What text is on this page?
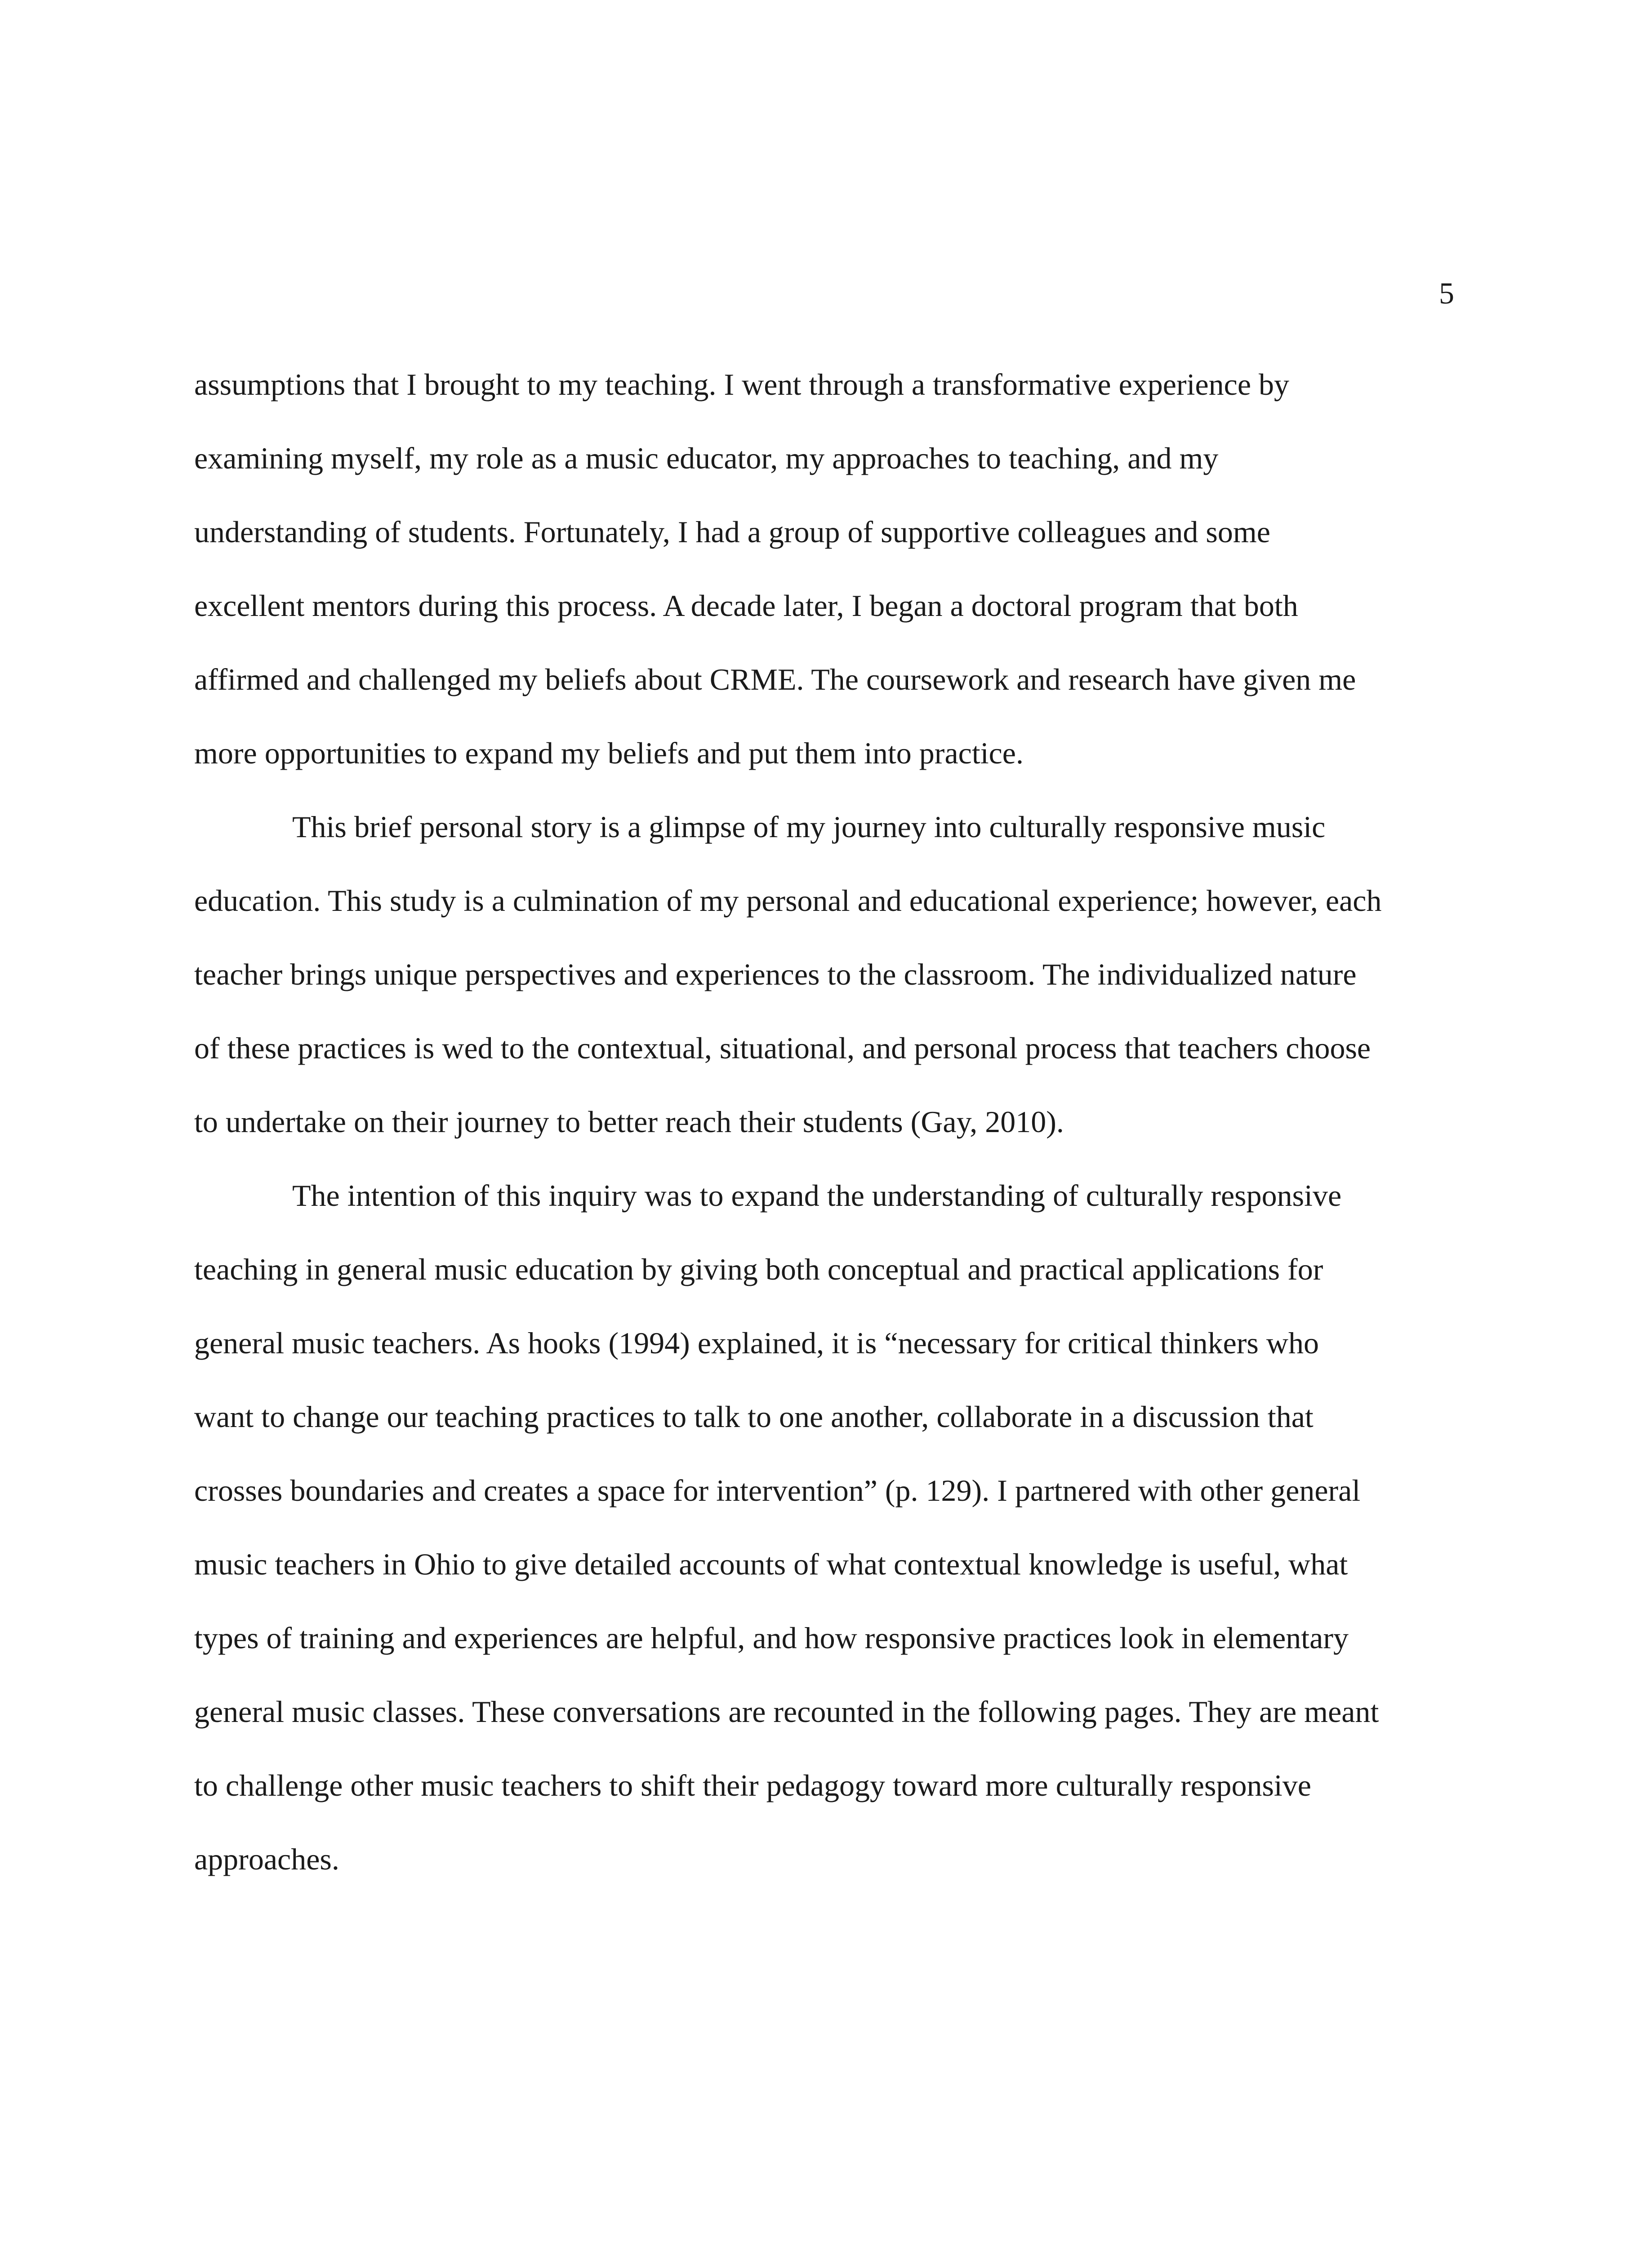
5
assumptions that I brought to my teaching. I went through a transformative experience by
examining myself, my role as a music educator, my approaches to teaching, and my
understanding of students. Fortunately, I had a group of supportive colleagues and some
excellent mentors during this process. A decade later, I began a doctoral program that both
affirmed and challenged my beliefs about CRME. The coursework and research have given me
more opportunities to expand my beliefs and put them into practice.
This brief personal story is a glimpse of my journey into culturally responsive music
education. This study is a culmination of my personal and educational experience; however, each
teacher brings unique perspectives and experiences to the classroom. The individualized nature
of these practices is wed to the contextual, situational, and personal process that teachers choose
to undertake on their journey to better reach their students (Gay, 2010).
The intention of this inquiry was to expand the understanding of culturally responsive
teaching in general music education by giving both conceptual and practical applications for
general music teachers. As hooks (1994) explained, it is “necessary for critical thinkers who
want to change our teaching practices to talk to one another, collaborate in a discussion that
crosses boundaries and creates a space for intervention” (p. 129). I partnered with other general
music teachers in Ohio to give detailed accounts of what contextual knowledge is useful, what
types of training and experiences are helpful, and how responsive practices look in elementary
general music classes. These conversations are recounted in the following pages. They are meant
to challenge other music teachers to shift their pedagogy toward more culturally responsive
approaches.
